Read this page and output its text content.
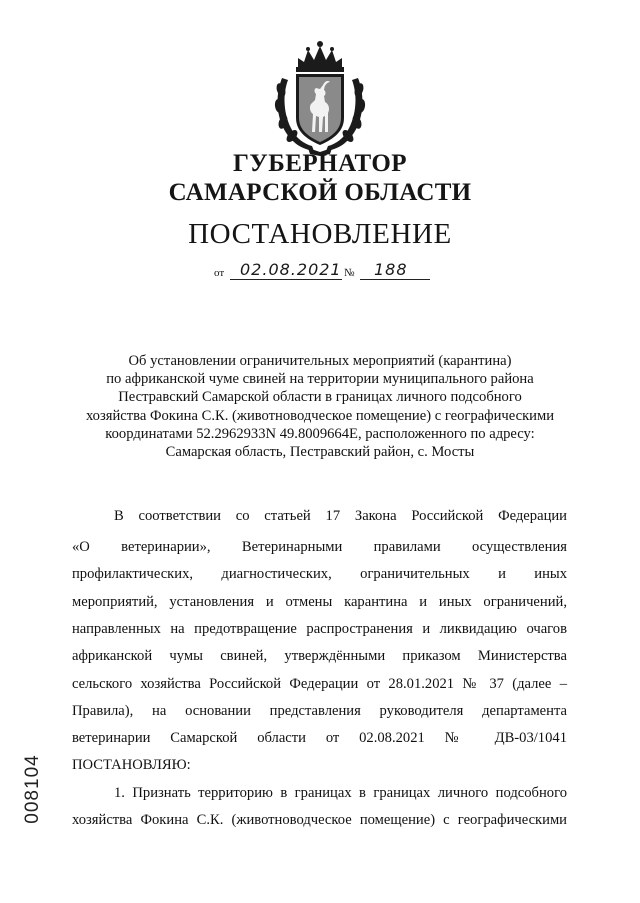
ГУБЕРНАТОР
САМАРСКОЙ ОБЛАСТИ
ПОСТАНОВЛЕНИЕ
от 02.08.2021 № 188
Об установлении ограничительных мероприятий (карантина)
по африканской чуме свиней на территории муниципального района
Пестравский Самарской области в границах личного подсобного
хозяйства Фокина С.К. (животноводческое помещение) с географическими
координатами 52.2962933N 49.8009664E, расположенного по адресу:
Самарская область, Пестравский район, с. Мосты
В соответствии со статьей 17 Закона Российской Федерации
«О ветеринарии», Ветеринарными правилами осуществления
профилактических, диагностических, ограничительных и иных
мероприятий, установления и отмены карантина и иных ограничений,
направленных на предотвращение распространения и ликвидацию очагов
африканской чумы свиней, утверждёнными приказом Министерства
сельского хозяйства Российской Федерации от 28.01.2021 № 37 (далее –
Правила), на основании представления руководителя департамента
ветеринарии Самарской области от 02.08.2021 № ДВ-03/1041
ПОСТАНОВЛЯЮ:
1. Признать территорию в границах в границах личного подсобного
хозяйства Фокина С.К. (животноводческое помещение) с географическими
008104
